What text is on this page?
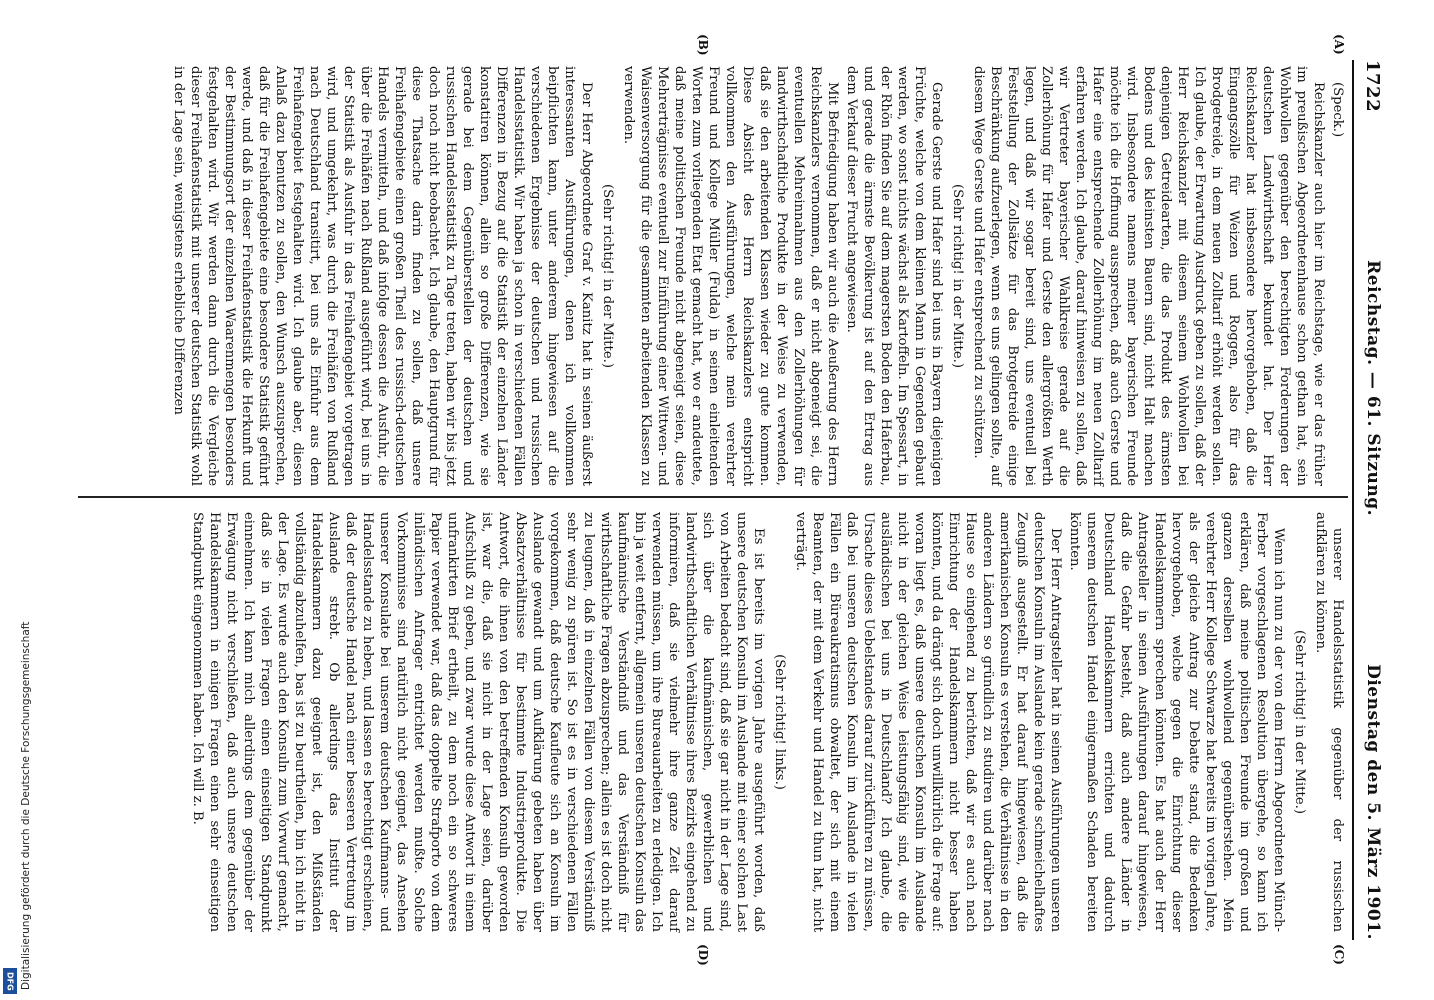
Digitalisierung gefördert durch die Deutsche Forschungsgemeinschaft
DFG
1722
Reichstag. — 61. Sitzung.
Dienstag den 5. März 1901.
(A)
(B)
(C)
(D)

(Speck.)

Reichskanzler auch hier im Reichstage, wie er das früher im preußischen Abgeordnetenhause schon gethan hat, sein Wohlwollen gegenüber den berechtigten Forderungen der deutschen Landwirthschaft bekundet hat. Der Herr Reichskanzler hat insbesondere hervorgehoben, daß die Eingangszölle für Weizen und Roggen, also für das Brodgetreide, in dem neuen Zolltarif erhöht werden sollen. Ich glaube, der Erwartung Ausdruck geben zu sollen, daß der Herr Reichskanzler mit diesem seinem Wohlwollen bei denjenigen Getreidearten, die das Produkt des ärmsten Bodens und des kleinsten Bauern sind, nicht Halt machen wird. Insbesondere namens meiner bayerischen Freunde möchte ich die Hoffnung aussprechen, daß auch Gerste und Hafer eine entsprechende Zollerhöhung im neuen Zolltarif erfahren werden. Ich glaube, darauf hinweisen zu sollen, daß wir Vertreter bayerischer Wahlkreise gerade auf die Zollerhöhung für Hafer und Gerste den allergrößten Werth legen, und daß wir sogar bereit sind, uns eventuell bei Feststellung der Zollsätze für das Brotgetreide einige Beschränkung aufzuerlegen, wenn es uns gelingen sollte, auf diesem Wege Gerste und Hafer entsprechend zu schützen.

(Sehr richtig! in der Mitte.)

Gerade Gerste und Hafer sind bei uns in Bayern diejenigen Früchte, welche von dem kleinen Mann in Gegenden gebaut werden, wo sonst nichts wächst als Kartoffeln. Im Spessart, in der Rhön finden Sie auf dem magersten Boden den Haferbau, und gerade die ärmste Bevölkerung ist auf den Ertrag aus dem Verkauf dieser Frucht angewiesen.

Mit Befriedigung haben wir auch die Aeußerung des Herrn Reichskanzlers vernommen, daß er nicht abgeneigt sei, die eventuellen Mehreinnahmen aus den Zollerhöhungen für landwirthschaftliche Produkte in der Weise zu verwenden, daß sie den arbeitenden Klassen wieder zu gute kommen. Diese Absicht des Herrn Reichskanzlers entspricht vollkommen den Ausführungen, welche mein verehrter Freund und Kollege Müller (Fulda) in seinen einleitenden Worten zum vorliegenden Etat gemacht hat, wo er andeutete, daß meine politischen Freunde nicht abgeneigt seien, diese Mehrerträgnisse eventuell zur Einführung einer Wittwen- und Waisenversorgung für die gesammten arbeitenden Klassen zu verwenden.

(Sehr richtig! in der Mitte.)

Der Herr Abgeordnete Graf v. Kanitz hat in seinen äußerst interessanten Ausführungen, denen ich vollkommen beipflichten kann, unter anderem hingewiesen auf die verschiedenen Ergebnisse der deutschen und russischen Handelsstatistik. Wir haben ja schon in verschiedenen Fällen Differenzen in Bezug auf die Statistik der einzelnen Länder konstatiren können, allein so große Differenzen, wie sie gerade bei dem Gegenüberstellen der deutschen und russischen Handelsstatistik zu Tage treten, haben wir bis jetzt doch noch nicht beobachtet. Ich glaube, den Hauptgrund für diese Thatsache darin finden zu sollen, daß unsere Freihafengebiete einen großen Theil des russisch-deutschen Handels vermitteln, und daß infolge dessen die Ausfuhr, die über die Freihäfen nach Rußland ausgeführt wird, bei uns in der Statistik als Ausfuhr in das Freihafengebiet vorgetragen wird, und umgekehrt, was durch die Freihäfen von Rußland nach Deutschland transitirt, bei uns als Einfuhr aus dem Freihafengebiet festgehalten wird. Ich glaube aber, diesen Anlaß dazu benutzen zu sollen, den Wunsch auszusprechen, daß für die Freihafengebiete eine besondere Statistik geführt werde, und daß in dieser Freihafenstatistik die Herkunft und der Bestimmungsort der einzelnen Waarenmengen besonders festgehalten wird. Wir werden dann durch die Vergleiche dieser Freihafenstatistik mit unserer deutschen Statistik wohl in der Lage sein, wenigstens erhebliche Differenzen

unserer Handelsstatistik gegenüber der russischen aufklären zu können.

(Sehr richtig! in der Mitte.)

Wenn ich nun zu der von dem Herrn Abgeordneten Münch-Ferber vorgeschlagenen Resolution übergehe, so kann ich erklären, daß meine politischen Freunde im großen und ganzen derselben wohlwollend gegenüberstehen. Mein verehrter Herr Kollege Schwarze hat bereits im vorigen Jahre, als der gleiche Antrag zur Debatte stand, die Bedenken hervorgehoben, welche gegen die Einrichtung dieser Handelskammern sprechen könnten. Es hat auch der Herr Antragsteller in seinen Ausführungen darauf hingewiesen, daß die Gefahr besteht, daß auch andere Länder in Deutschland Handelskammern errichten und dadurch unserem deutschen Handel einigermaßen Schaden bereiten könnten.

Der Herr Antragsteller hat in seinen Ausführungen unseren deutschen Konsuln im Auslande kein gerade schmeichelhaftes Zeugniß ausgestellt. Er hat darauf hingewiesen, daß die amerikanischen Konsuln es verstehen, die Verhältnisse in den anderen Ländern so gründlich zu studiren und darüber nach Hause so eingehend zu berichten, daß wir es auch nach Einrichtung der Handelskammern nicht besser haben könnten, und da drängt sich doch unwillkürlich die Frage auf: woran liegt es, daß unsere deutschen Konsuln im Auslande nicht in der gleichen Weise leistungsfähig sind, wie die ausländischen bei uns in Deutschland? Ich glaube, die Ursache dieses Uebelstandes darauf zurückführen zu müssen, daß bei unseren deutschen Konsuln im Auslande in vielen Fällen ein Büreaukratismus obwaltet, der sich mit einem Beamten, der mit dem Verkehr und Handel zu thun hat, nicht verträgt.

(Sehr richtig! links.)

Es ist bereits im vorigen Jahre ausgeführt worden, daß unsere deutschen Konsuln im Auslande mit einer solchen Last von Arbeiten bedacht sind, daß sie gar nicht in der Lage sind, sich über die kaufmännischen, gewerblichen und landwirthschaftlichen Verhältnisse ihres Bezirks eingehend zu informiren, daß sie vielmehr ihre ganze Zeit darauf verwenden müssen, um ihre Bureauarbeiten zu erledigen. Ich bin ja weit entfernt, allgemein unseren deutschen Konsuln das kaufmännische Verständniß und das Verständniß für wirthschaftliche Fragen abzusprechen; allein es ist doch nicht zu leugnen, daß in einzelnen Fällen von diesem Verständniß sehr wenig zu spüren ist. So ist es in verschiedenen Fällen vorgekommen, daß deutsche Kaufleute sich an Konsuln im Auslande gewandt und um Aufklärung gebeten haben über Absatzverhältnisse für bestimmte Industrieprodukte. Die Antwort, die ihnen von den betreffenden Konsuln geworden ist, war die, daß sie nicht in der Lage seien, darüber Aufschluß zu geben, und zwar wurde diese Antwort in einem unfrankirten Brief ertheilt, zu dem noch ein so schweres Papier verwendet war, daß das doppelte Strafporto von dem inländischen Anfrager entrichtet werden mußte. Solche Vorkommnisse sind natürlich nicht geeignet, das Ansehen unserer Konsulate bei unserem deutschen Kaufmanns- und Handelsstande zu heben, und lassen es berechtigt erscheinen, daß der deutsche Handel nach einer besseren Vertretung im Auslande strebt. Ob allerdings das Institut der Handelskammern dazu geeignet ist, den Mißständen vollständig abzuhelfen, bas ist zu beurtheilen, bin ich nicht in der Lage. Es wurde auch den Konsuln zum Vorwurf gemacht, daß sie in vielen Fragen einen einseitigen Standpunkt einnehmen. Ich kann mich allerdings dem gegenüber der Erwägung nicht verschließen, daß auch unsere deutschen Handelskammern in einigen Fragen einen sehr einseitigen Standpunkt eingenommen haben. Ich will z. B.
